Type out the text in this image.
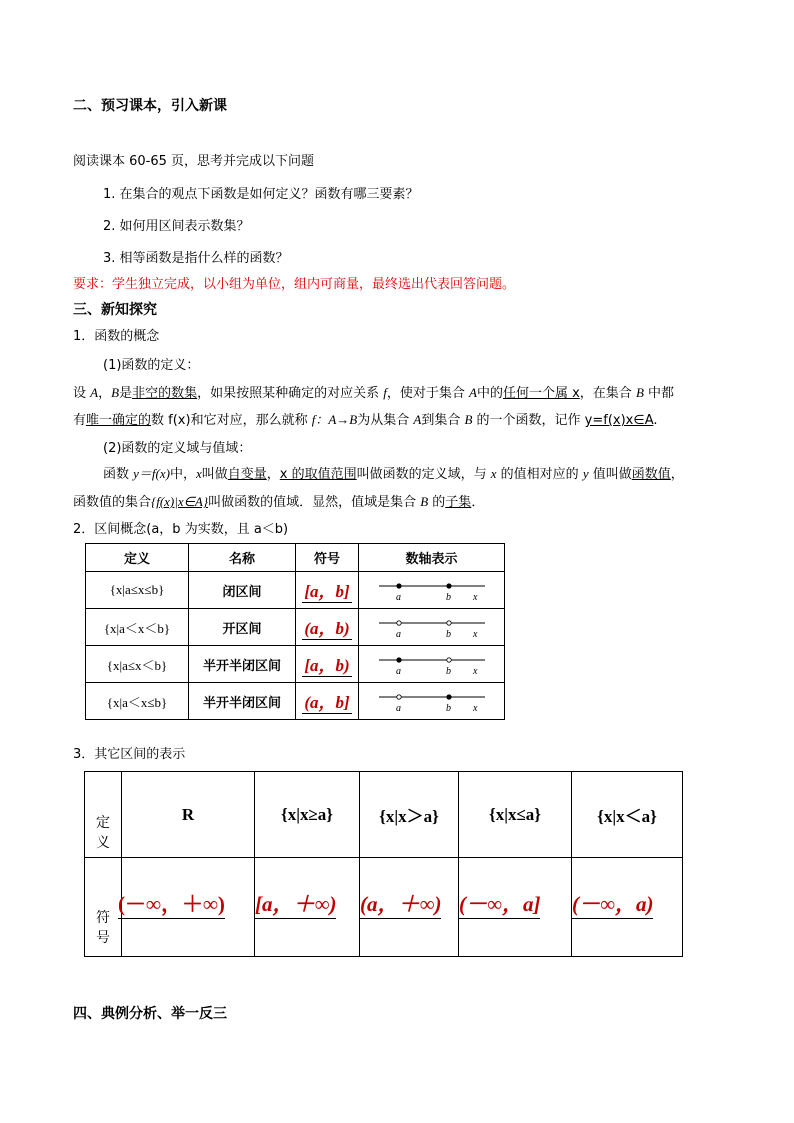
二、预习课本，引入新课
阅读课本 60-65 页，思考并完成以下问题
1. 在集合的观点下函数是如何定义？函数有哪三要素？
2. 如何用区间表示数集？
3. 相等函数是指什么样的函数？
要求：学生独立完成，以小组为单位，组内可商量，最终选出代表回答问题。
三、新知探究
1．函数的概念
(1)函数的定义：
设 A，B是非空的数集，如果按照某种确定的对应关系 f，使对于集合 A中的任何一个属 x，在集合 B 中都
有唯一确定的数 f(x)和它对应，那么就称 f：A→B为从集合 A到集合 B 的一个函数，记作 y=f(x)x∈A.
(2)函数的定义域与值域：
函数 y＝f(x)中，x叫做自变量，x 的取值范围叫做函数的定义域，与 x 的值相对应的 y 值叫做函数值，
函数值的集合{f(x)|x∈A}叫做函数的值域．显然，值域是集合 B 的子集．
2．区间概念(a，b 为实数，且 a＜b)
定义	名称	符号	数轴表示
{x|a≤x≤b}	闭区间	[a，b]	a b x

{x|a＜x＜b}	开区间	(a，b)	a b x

{x|a≤x＜b}	半开半闭区间	[a，b)	a b x

{x|a＜x≤b}	半开半闭区间	(a，b]	a b x
3．其它区间的表示
定义	R	{x|x≥a}	{x|x＞a}	{x|x≤a}	{x|x＜a}

符号	(－∞，＋∞)	[a，＋∞)	(a，＋∞)	(－∞，a]	(－∞，a)
四、典例分析、举一反三
